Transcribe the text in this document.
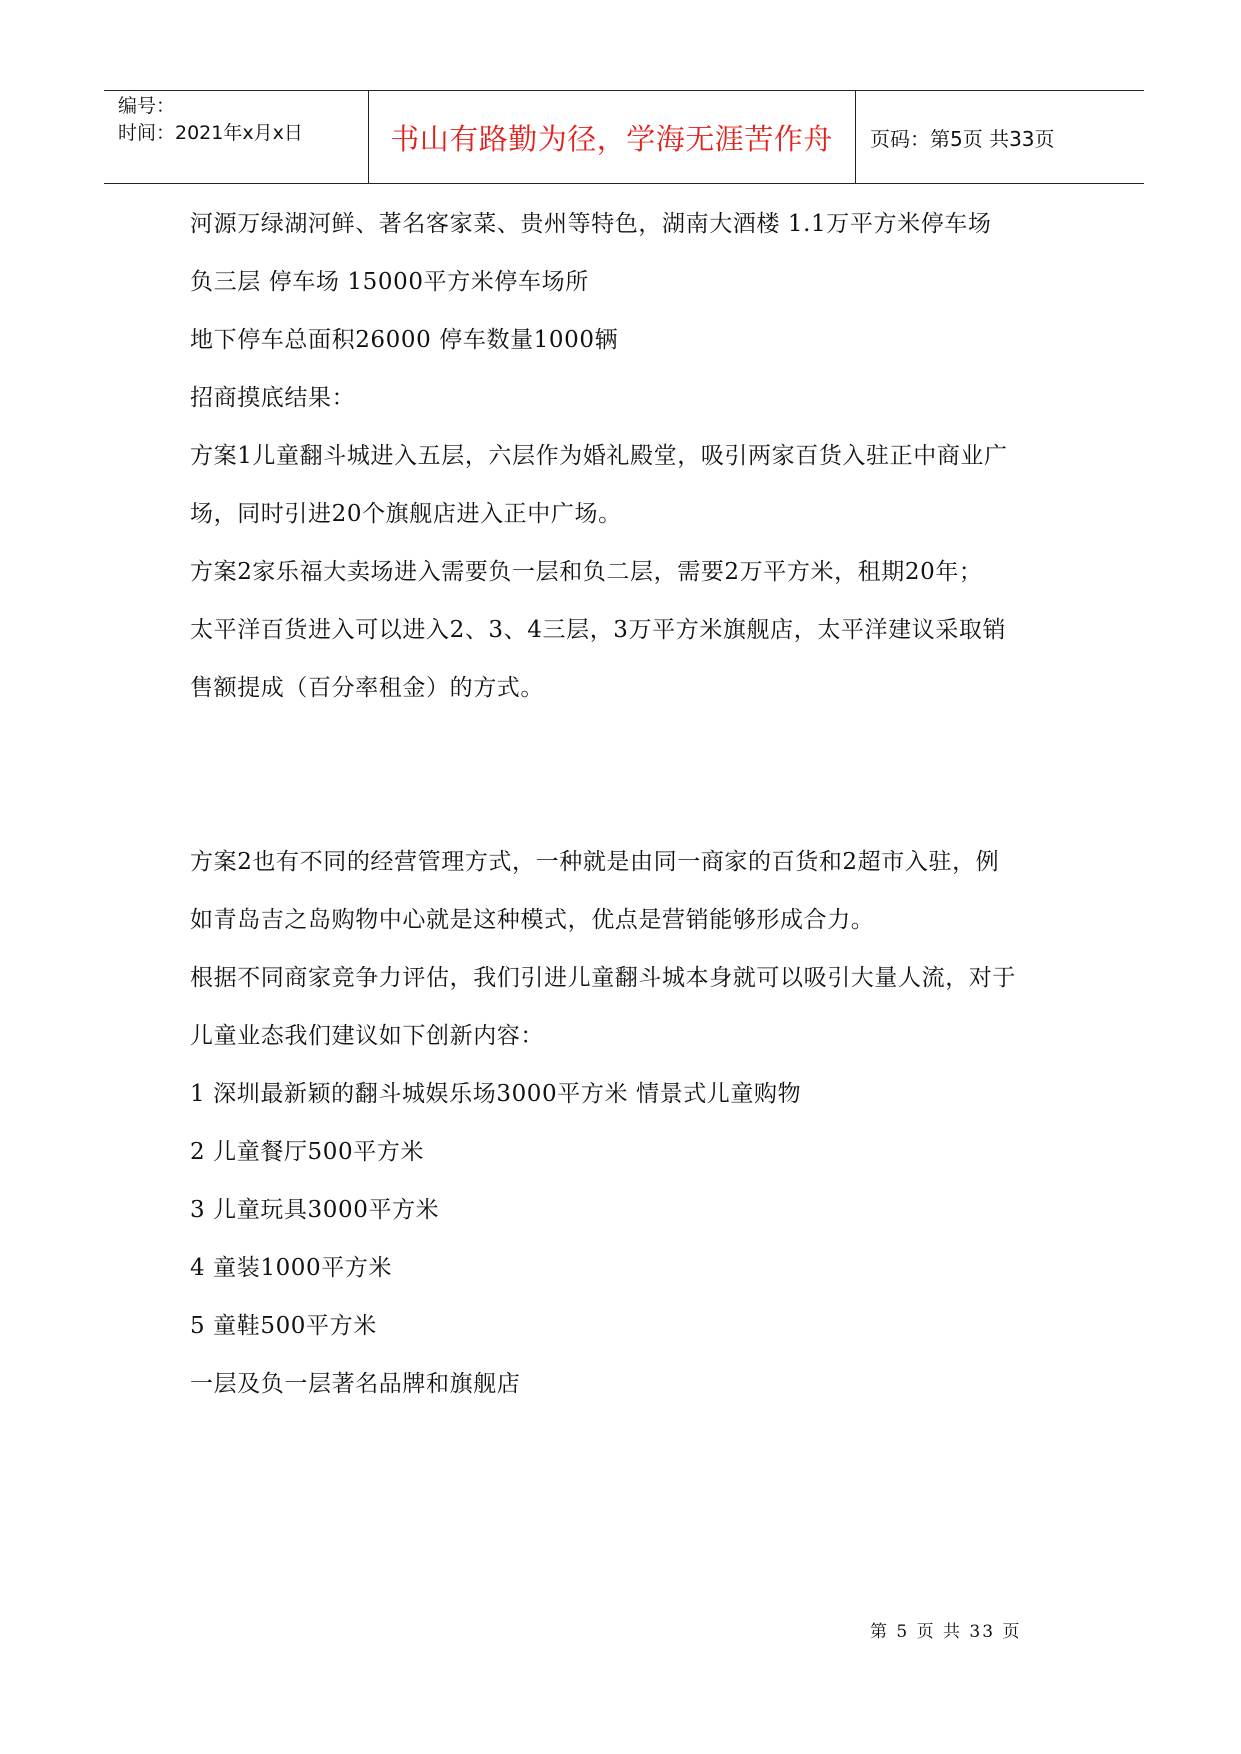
编号：
时间：2021年x月x日	书山有路勤为径，学海无涯苦作舟	页码：第5页 共33页
河源万绿湖河鲜、著名客家菜、贵州等特色，湖南大酒楼 1.1万平方米停车场
负三层 停车场 15000平方米停车场所
地下停车总面积26000 停车数量1000辆
招商摸底结果：
方案1儿童翻斗城进入五层，六层作为婚礼殿堂，吸引两家百货入驻正中商业广
场，同时引进20个旗舰店进入正中广场。
方案2家乐福大卖场进入需要负一层和负二层，需要2万平方米，租期20年；
太平洋百货进入可以进入2、3、4三层，3万平方米旗舰店，太平洋建议采取销
售额提成（百分率租金）的方式。
方案2也有不同的经营管理方式，一种就是由同一商家的百货和2超市入驻，例
如青岛吉之岛购物中心就是这种模式，优点是营销能够形成合力。
根据不同商家竞争力评估，我们引进儿童翻斗城本身就可以吸引大量人流，对于
儿童业态我们建议如下创新内容：
1 深圳最新颖的翻斗城娱乐场3000平方米 情景式儿童购物
2 儿童餐厅500平方米
3 儿童玩具3000平方米
4 童装1000平方米
5 童鞋500平方米
一层及负一层著名品牌和旗舰店
第 5 页 共 33 页
